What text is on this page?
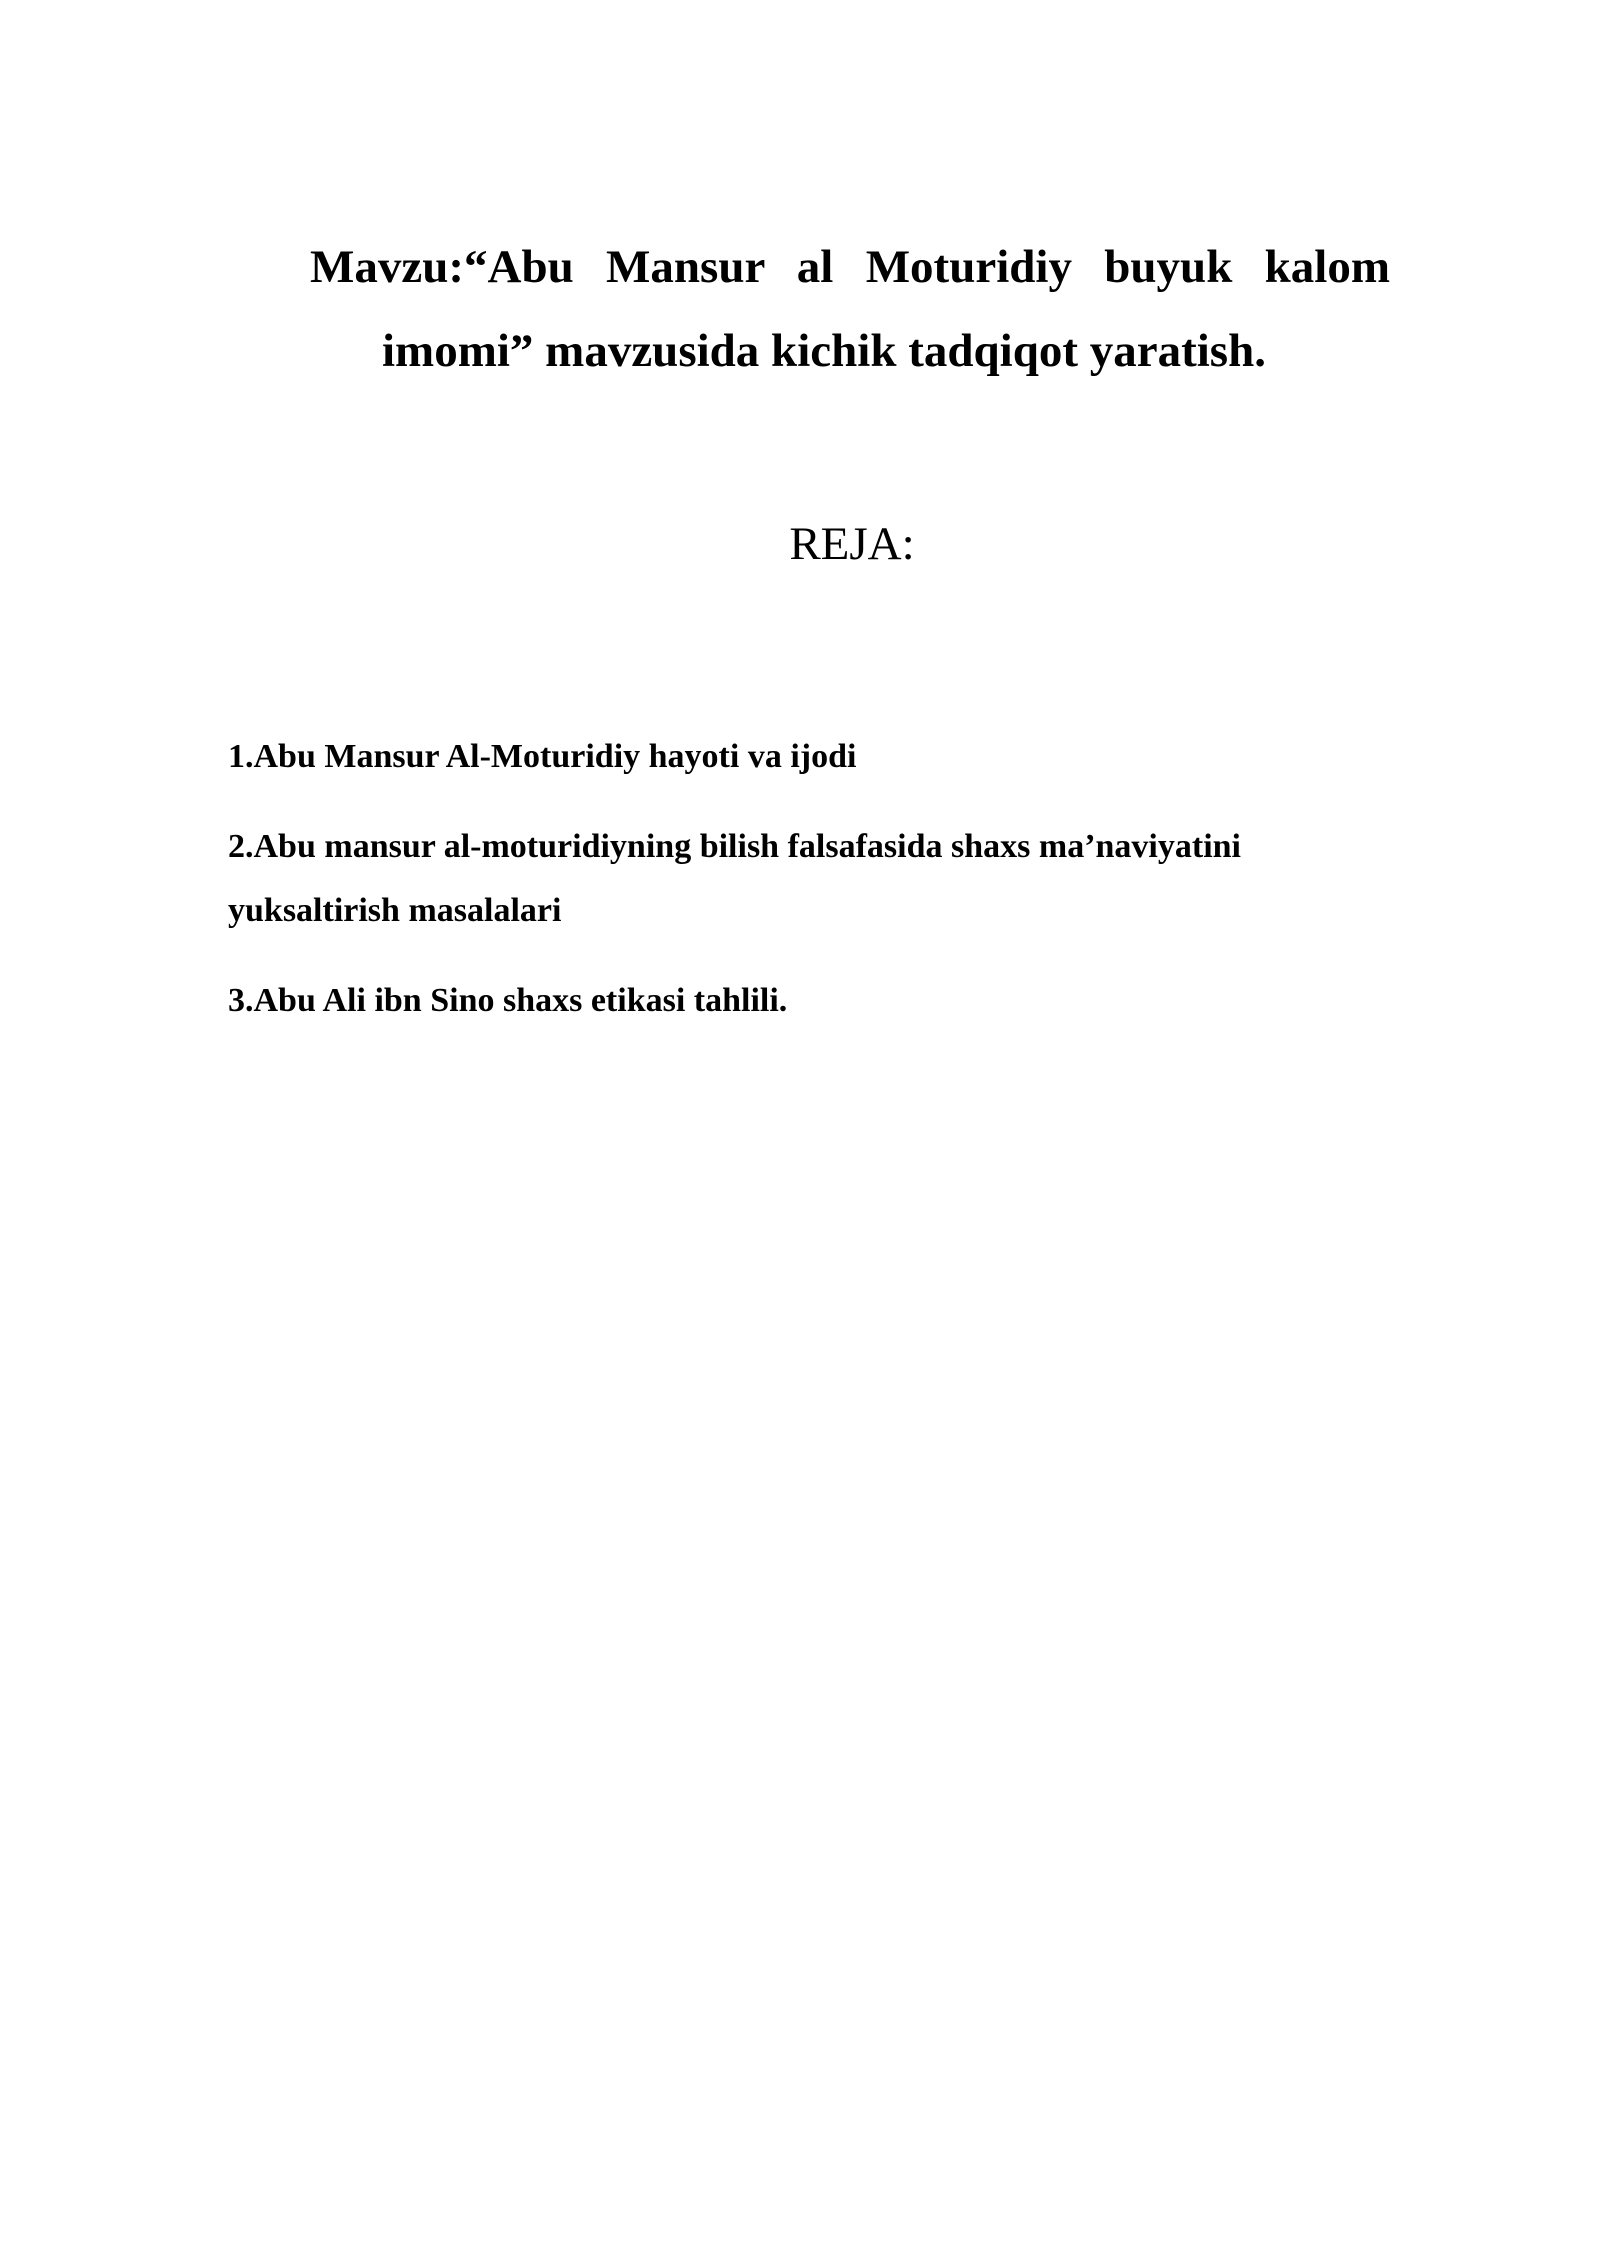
Mavzu:“Abu Mansur al Moturidiy buyuk kalom
imomi” mavzusida kichik tadqiqot yaratish.
REJA:
1.Abu Mansur Al-Moturidiy hayoti va ijodi
2.Abu mansur al-moturidiyning bilish falsafasida shaxs ma’naviyatini yuksaltirish masalalari
3.Abu Ali ibn Sino shaxs etikasi tahlili.
